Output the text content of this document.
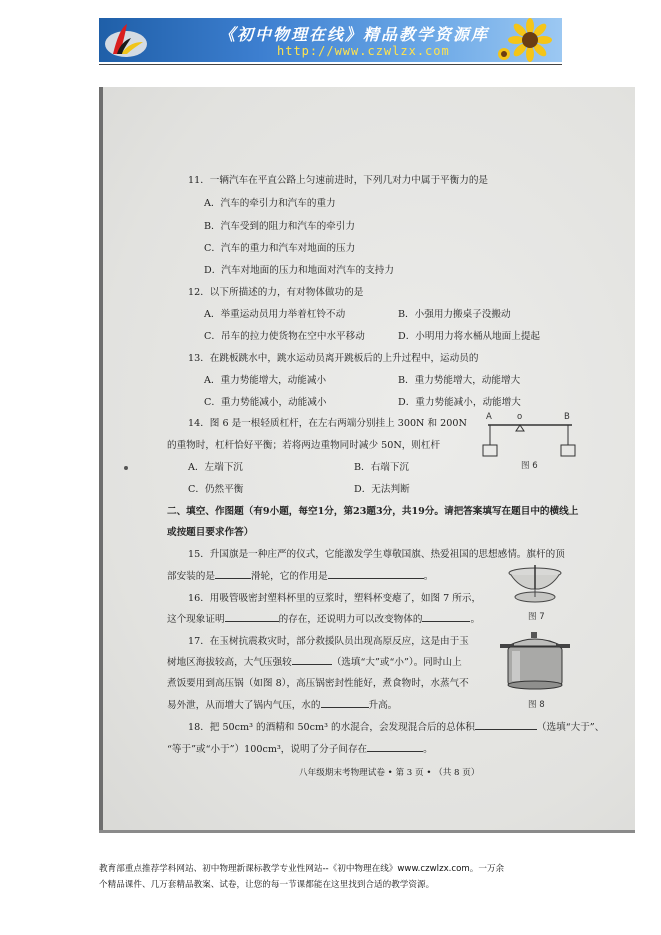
《初中物理在线》精品教学资源库
http://www.czwlzx.com
11．一辆汽车在平直公路上匀速前进时，下列几对力中属于平衡力的是
A．汽车的牵引力和汽车的重力
B．汽车受到的阻力和汽车的牵引力
C．汽车的重力和汽车对地面的压力
D．汽车对地面的压力和地面对汽车的支持力
12．以下所描述的力，有对物体做功的是
A．举重运动员用力举着杠铃不动	B．小强用力搬桌子没搬动
C．吊车的拉力使货物在空中水平移动	D．小明用力将水桶从地面上提起
13．在跳板跳水中，跳水运动员离开跳板后的上升过程中，运动员的
A．重力势能增大，动能减小	B．重力势能增大，动能增大
C．重力势能减小，动能减小	D．重力势能减小，动能增大
14．图 6 是一根轻质杠杆，在左右两端分别挂上 300N 和 200N
的重物时，杠杆恰好平衡；若将两边重物同时减少 50N，则杠杆
A．左端下沉	B．右端下沉
C．仍然平衡	D．无法判断
A	o	B
图 6
二、填空、作图题（有9小题，每空1分，第23题3分，共19分。请把答案填写在题目中的横线上
或按题目要求作答）
15．升国旗是一种庄严的仪式，它能激发学生尊敬国旗、热爱祖国的思想感情。旗杆的顶
部安装的是	滑轮，它的作用是	。
图 7
16．用吸管吸密封塑料杯里的豆浆时，塑料杯变瘪了，如图 7 所示，
这个现象证明	的存在，还说明力可以改变物体的	。
17．在玉树抗震救灾时，部分救援队员出现高原反应，这是由于玉
树地区海拔较高，大气压强较	（选填“大”或“小”）。同时山上
煮饭要用到高压锅（如图 8），高压锅密封性能好，煮食物时，水蒸气不
易外泄，从而增大了锅内气压，水的	升高。	图 8
18．把 50cm³ 的酒精和 50cm³ 的水混合，会发现混合后的总体积	（选填“大于”、
“等于”或“小于”）100cm³，说明了分子间存在	。
八年级期末考物理试卷 • 第 3 页 • （共 8 页）
教育部重点推荐学科网站、初中物理新课标教学专业性网站--《初中物理在线》www.czwlzx.com。一万余
个精品课件、几万套精品教案、试卷，让您的每一节课都能在这里找到合适的教学资源。
